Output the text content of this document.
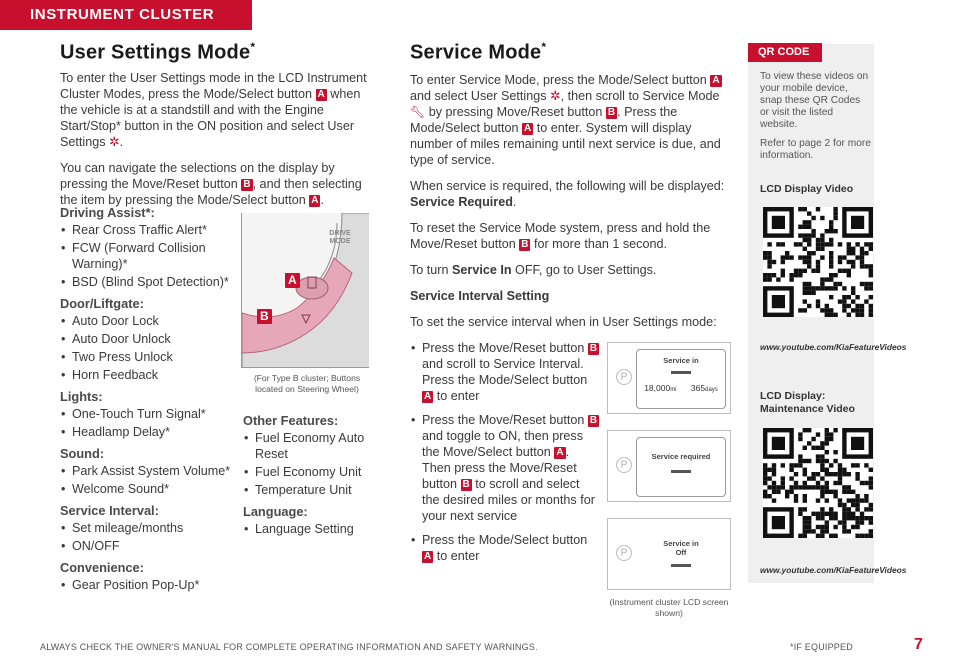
INSTRUMENT CLUSTER
User Settings Mode*

To enter the User Settings mode in the LCD Instrument Cluster Modes, press the Mode/Select button A when the vehicle is at a standstill and with the Engine Start/Stop* button in the ON position and select User Settings ✲.

You can navigate the selections on the display by pressing the Move/Reset button B , and then selecting the item by pressing the Mode/Select button A .

Driving Assist*:
• Rear Cross Traffic Alert*
• FCW (Forward Collision Warning)*
• BSD (Blind Spot Detection)*
Door/Liftgate:
• Auto Door Lock
• Auto Door Unlock
• Two Press Unlock
• Horn Feedback
Lights:
• One-Touch Turn Signal*
• Headlamp Delay*
Sound:
• Park Assist System Volume*
• Welcome Sound*
Service Interval:
• Set mileage/months
• ON/OFF
Convenience:
• Gear Position Pop-Up*
DRIVE MODE
A
B
(For Type B cluster; Buttons located on Steering Wheel)
Other Features:
• Fuel Economy Auto Reset
• Fuel Economy Unit
• Temperature Unit
Language:
• Language Setting
Service Mode*

To enter Service Mode, press the Mode/Select button A and select User Settings ✲, then scroll to Service Mode 🔧︎ by pressing Move/Reset button B . Press the Mode/Select button A to enter. System will display number of miles remaining until next service is due, and type of service.

When service is required, the following will be displayed: Service Required.

To reset the Service Mode system, press and hold the Move/Reset button B for more than 1 second.

To turn Service In OFF, go to User Settings.

Service Interval Setting

To set the service interval when in User Settings mode:

• Press the Move/Reset button B and scroll to Service Interval. Press the Mode/Select button A to enter
• Press the Move/Reset button B and toggle to ON, then press the Move/Select button A . Then press the Move/Reset button B to scroll and select the desired miles or months for your next service
• Press the Mode/Select button A to enter
P
Service in
▬▬
18,000mi 365days
P
Service required
▬▬
P
Service in
Off
▬▬
(Instrument cluster LCD screen shown)
QR CODE

To view these videos on your mobile device, snap these QR Codes or visit the listed website.

Refer to page 2 for more information.

LCD Display Video
www.youtube.com/KiaFeatureVideos
LCD Display: Maintenance Video
www.youtube.com/KiaFeatureVideos
ALWAYS CHECK THE OWNER'S MANUAL FOR COMPLETE OPERATING INFORMATION AND SAFETY WARNINGS.	*IF EQUIPPED	7
